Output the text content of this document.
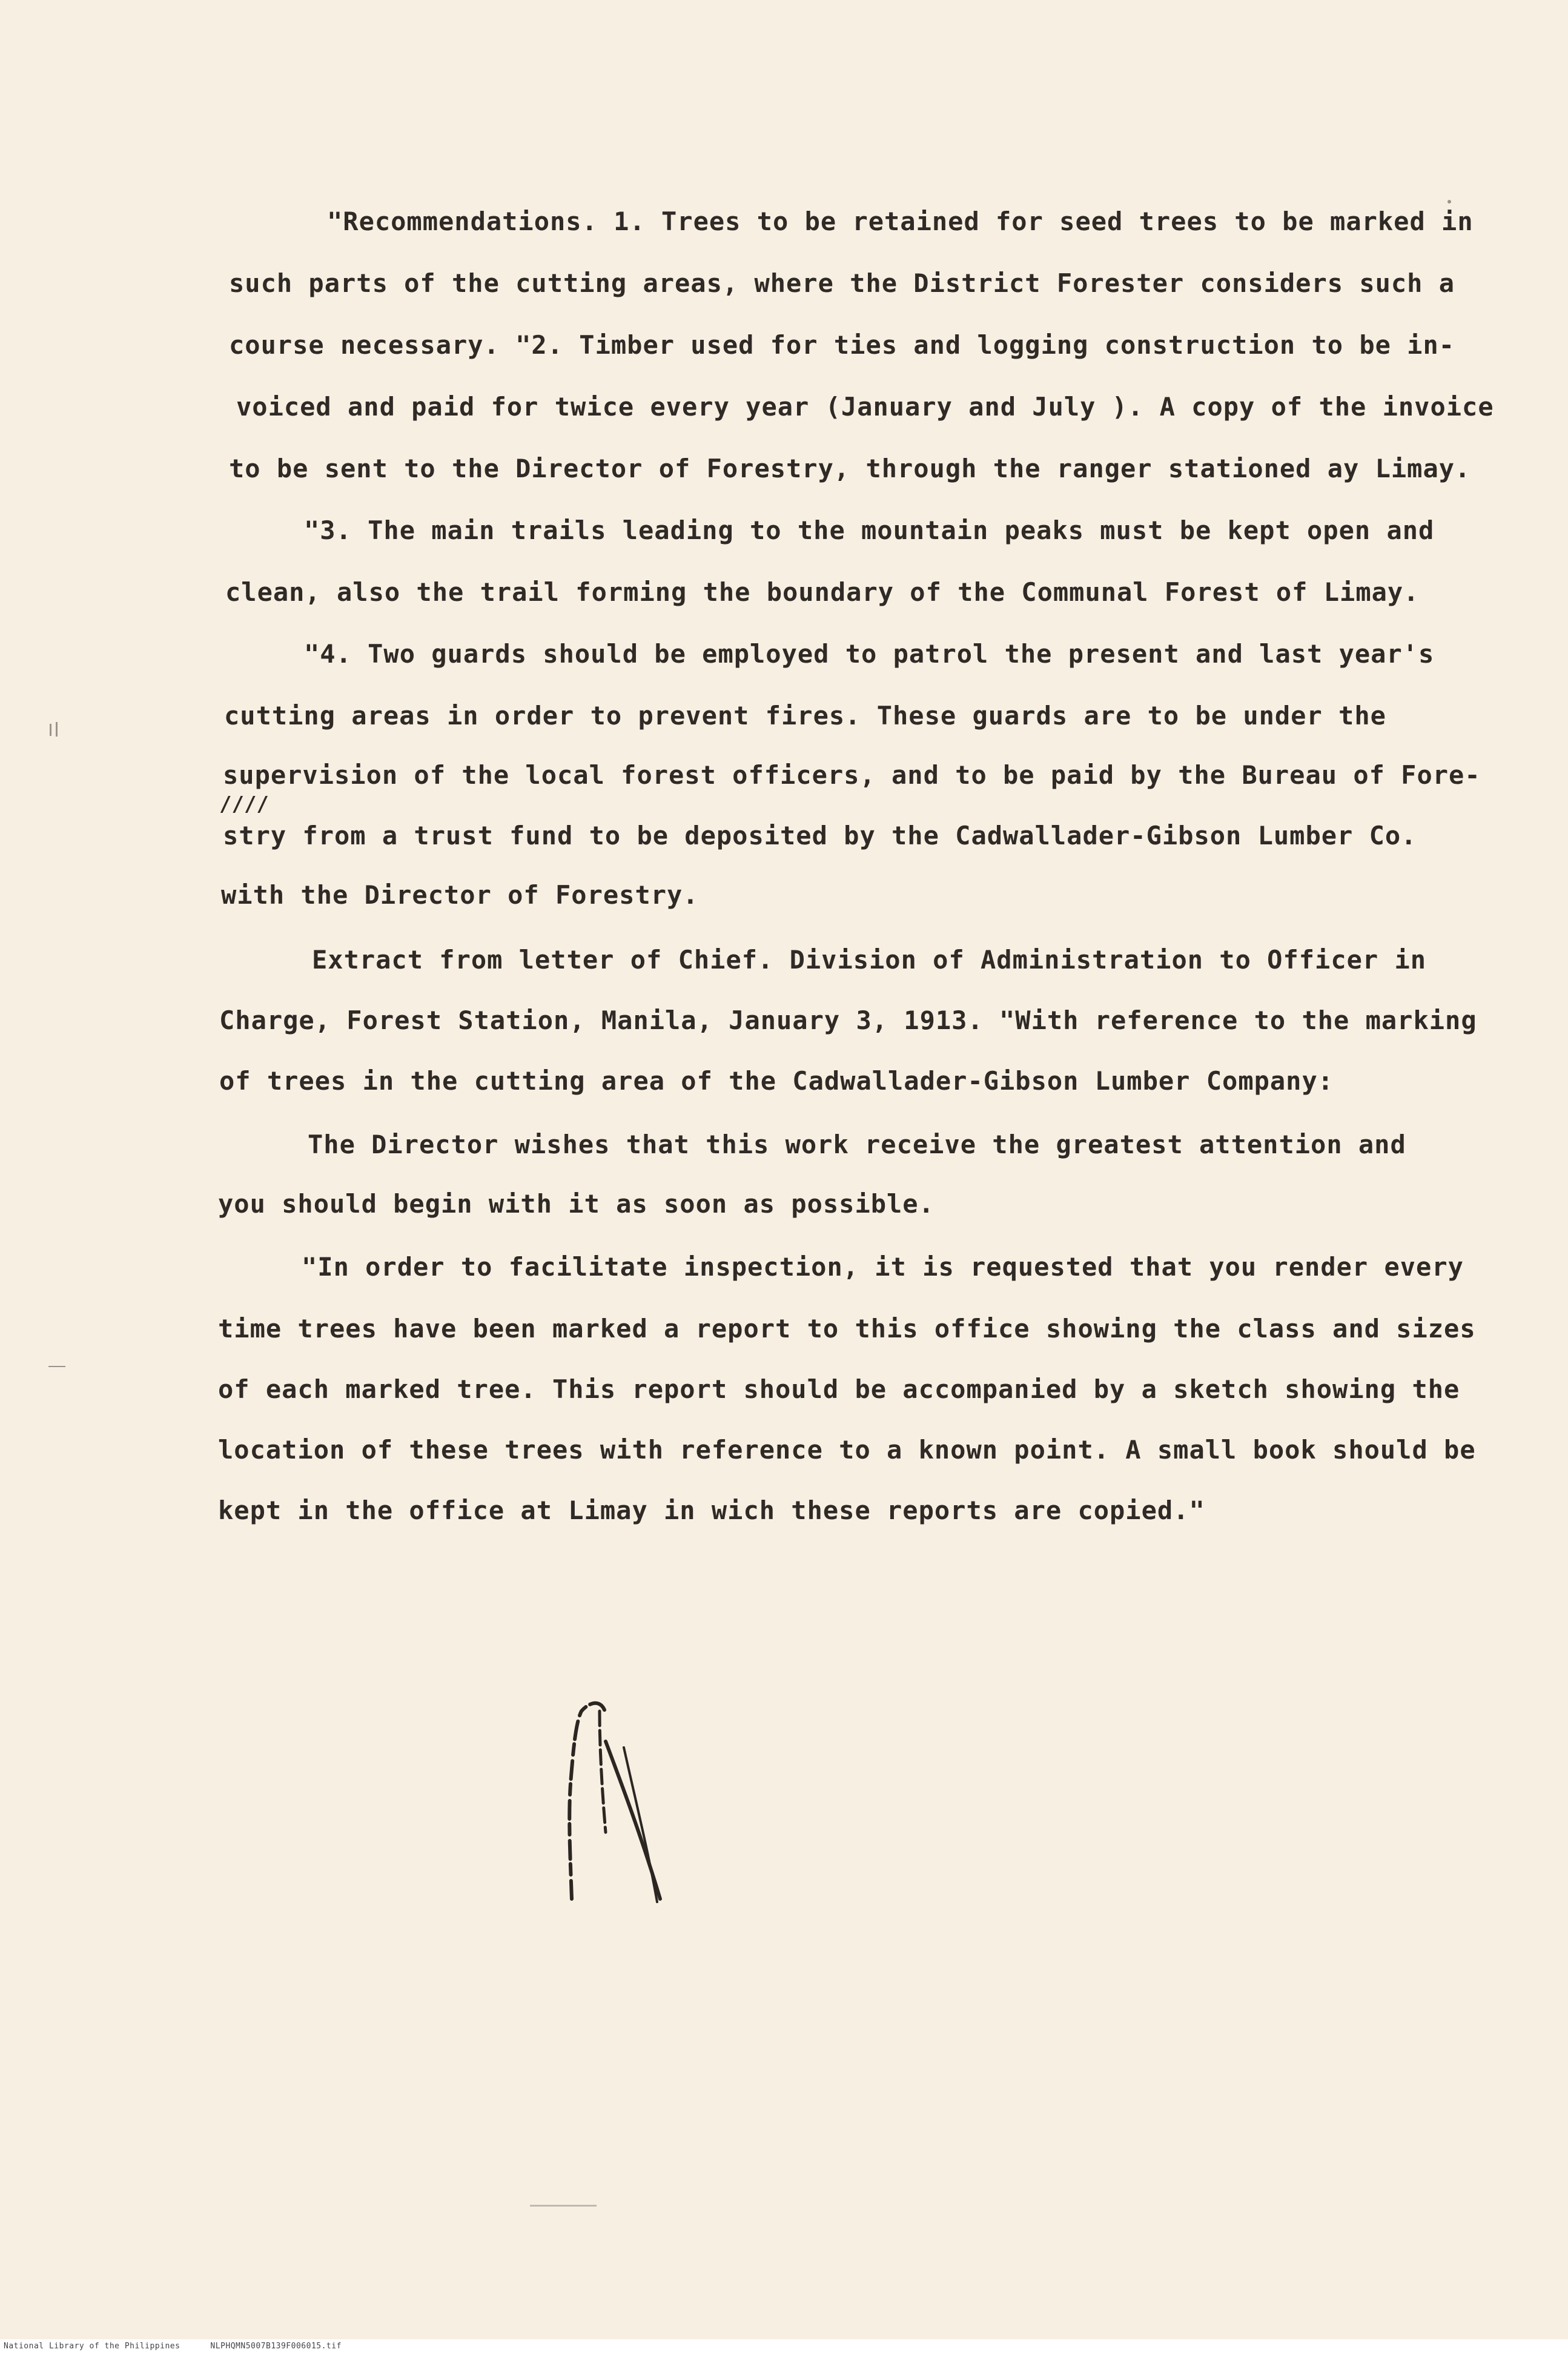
"Recommendations. 1. Trees to be retained for seed trees to be marked in
such parts of the cutting areas, where the District Forester considers such a
course necessary. "2. Timber used for ties and logging construction to be in-
voiced and paid for twice every year (January and July ). A copy of the invoice
to be sent to the Director of Forestry, through the ranger stationed ay Limay.
"3. The main trails leading to the mountain peaks must be kept open and
clean, also the trail forming the boundary of the Communal Forest of Limay.
"4. Two guards should be employed to patrol the present and last year's
cutting areas in order to prevent fires. These guards are to be under the
supervision of the local forest officers, and to be paid by the Bureau of Fore-
////
stry from a trust fund to be deposited by the Cadwallader-Gibson Lumber Co.
with the Director of Forestry.
Extract from letter of Chief. Division of Administration to Officer in
Charge, Forest Station, Manila, January 3, 1913. "With reference to the marking
of trees in the cutting area of the Cadwallader-Gibson Lumber Company:
The Director wishes that this work receive the greatest attention and
you should begin with it as soon as possible.
"In order to facilitate inspection, it is requested that you render every
time trees have been marked a report to this office showing the class and sizes
of each marked tree. This report should be accompanied by a sketch showing the
location of these trees with reference to a known point. A small book should be
kept in the office at Limay in wich these reports are copied."
National Library of the Philippines	NLPHQMN5007B139F006015.tif
